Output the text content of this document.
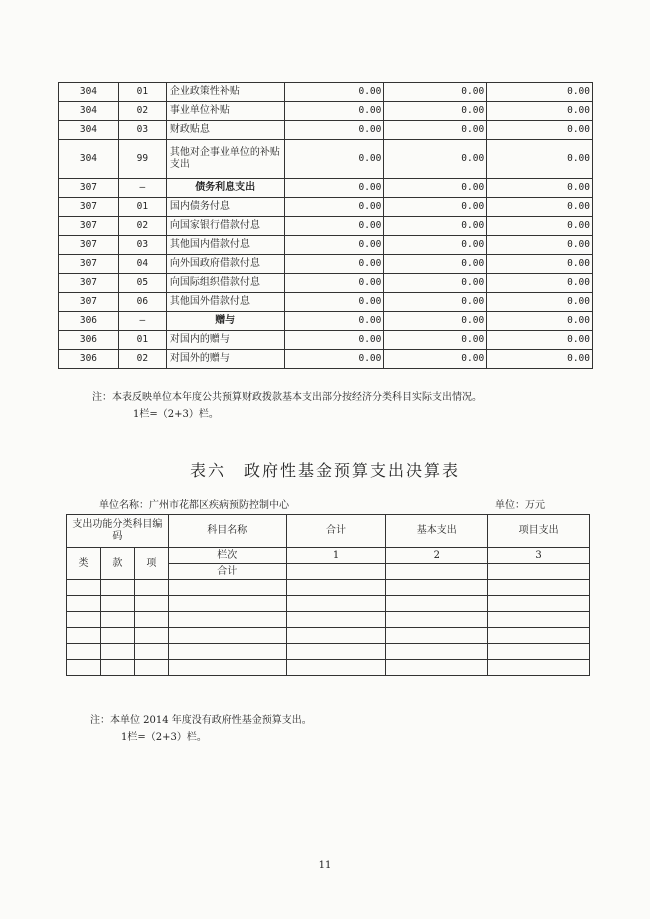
304	01	企业政策性补贴	0.00	0.00	0.00
304	02	事业单位补贴	0.00	0.00	0.00
304	03	财政贴息	0.00	0.00	0.00
304	99	其他对企事业单位的补贴支出	0.00	0.00	0.00
307	–	债务利息支出	0.00	0.00	0.00
307	01	国内债务付息	0.00	0.00	0.00
307	02	向国家银行借款付息	0.00	0.00	0.00
307	03	其他国内借款付息	0.00	0.00	0.00
307	04	向外国政府借款付息	0.00	0.00	0.00
307	05	向国际组织借款付息	0.00	0.00	0.00
307	06	其他国外借款付息	0.00	0.00	0.00
306	–	赠与	0.00	0.00	0.00
306	01	对国内的赠与	0.00	0.00	0.00
306	02	对国外的赠与	0.00	0.00	0.00
注：本表反映单位本年度公共预算财政拨款基本支出部分按经济分类科目实际支出情况。
1栏=（2+3）栏。
表六　政府性基金预算支出决算表
单位名称：广州市花都区疾病预防控制中心	单位：万元
支出功能分类科目编码			科目名称	合计	基本支出	项目支出
类	款	项	栏次	1	2	3
			合计			

注：本单位 2014 年度没有政府性基金预算支出。
1栏=（2+3）栏。
11
